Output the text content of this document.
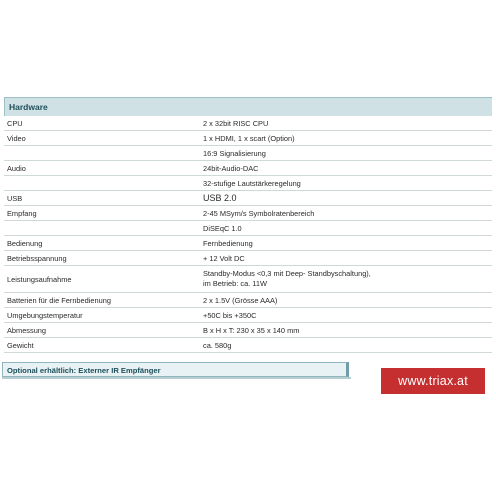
Hardware
CPU	2 x 32bit RISC CPU
Video	1 x HDMI, 1 x scart (Option)
	16:9 Signalisierung
Audio	24bit-Audio-DAC
	32-stufige Lautstärkeregelung
USB	USB 2.0
Empfang	2-45 MSym/s Symbolratenbereich
	DiSEqC 1.0
Bedienung	Fernbedienung
Betriebsspannung	+ 12 Volt DC
Leistungsaufnahme	Standby-Modus <0,3 mit Deep- Standbyschaltung),
im Betrieb: ca. 11W

Batterien für die Fernbedienung	2 x 1.5V (Grösse AAA)
Umgebungstemperatur	+50C bis +350C
Abmessung	B x H x T: 230 x 35 x 140 mm
Gewicht	ca. 580g
Optional erhältlich: Externer IR Empfänger
www.triax.at
